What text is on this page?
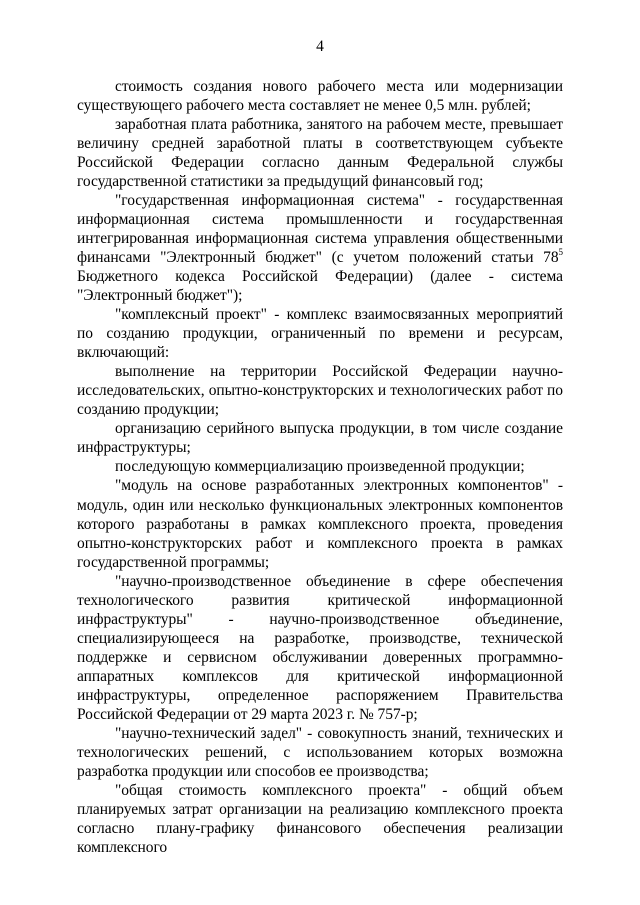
4

стоимость создания нового рабочего места или модернизации существующего рабочего места составляет не менее 0,5 млн. рублей;

заработная плата работника, занятого на рабочем месте, превышает величину средней заработной платы в соответствующем субъекте Российской Федерации согласно данным Федеральной службы государственной статистики за предыдущий финансовый год;

"государственная информационная система" - государственная информационная система промышленности и государственная интегрированная информационная система управления общественными финансами "Электронный бюджет" (с учетом положений статьи $78^5$ Бюджетного кодекса Российской Федерации) (далее - система "Электронный бюджет");

"комплексный проект" - комплекс взаимосвязанных мероприятий по созданию продукции, ограниченный по времени и ресурсам, включающий:

выполнение на территории Российской Федерации научно-исследовательских, опытно-конструкторских и технологических работ по созданию продукции;

организацию серийного выпуска продукции, в том числе создание инфраструктуры;

последующую коммерциализацию произведенной продукции;

"модуль на основе разработанных электронных компонентов" - модуль, один или несколько функциональных электронных компонентов которого разработаны в рамках комплексного проекта, проведения опытно-конструкторских работ и комплексного проекта в рамках государственной программы;

"научно-производственное объединение в сфере обеспечения технологического развития критической информационной инфраструктуры" - научно-производственное объединение, специализирующееся на разработке, производстве, технической поддержке и сервисном обслуживании доверенных программно-аппаратных комплексов для критической информационной инфраструктуры, определенное распоряжением Правительства Российской Федерации от 29 марта 2023 г. № 757-р;

"научно-технический задел" - совокупность знаний, технических и технологических решений, с использованием которых возможна разработка продукции или способов ее производства;

"общая стоимость комплексного проекта" - общий объем планируемых затрат организации на реализацию комплексного проекта согласно плану-графику финансового обеспечения реализации комплексного
